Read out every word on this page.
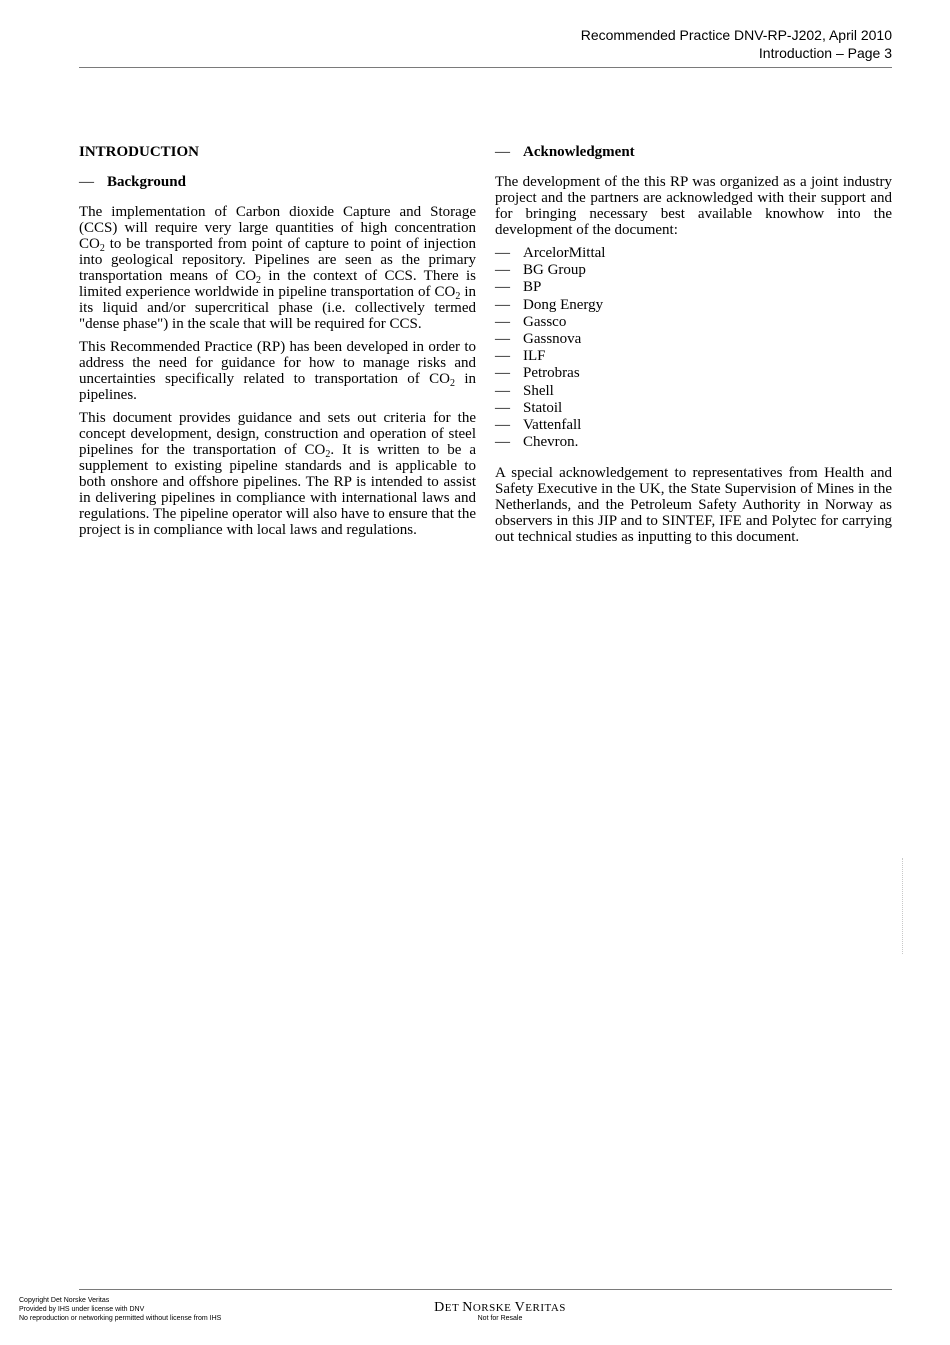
Recommended Practice DNV-RP-J202, April 2010
Introduction – Page 3
INTRODUCTION
— Background

The implementation of Carbon dioxide Capture and Storage (CCS) will require very large quantities of high concentration $CO_2$ to be transported from point of capture to point of injection into geological repository. Pipelines are seen as the primary transportation means of $CO_2$ in the context of CCS. There is limited experience worldwide in pipeline transportation of $CO_2$ in its liquid and/or supercritical phase (i.e. collectively termed "dense phase") in the scale that will be required for CCS.

This Recommended Practice (RP) has been developed in order to address the need for guidance for how to manage risks and uncertainties specifically related to transportation of $CO_2$ in pipelines.

This document provides guidance and sets out criteria for the concept development, design, construction and operation of steel pipelines for the transportation of $CO_2$. It is written to be a supplement to existing pipeline standards and is applicable to both onshore and offshore pipelines. The RP is intended to assist in delivering pipelines in compliance with international laws and regulations. The pipeline operator will also have to ensure that the project is in compliance with local laws and regulations.

— Acknowledgment

The development of the this RP was organized as a joint industry project and the partners are acknowledged with their support and for bringing necessary best available knowhow into the development of the document:

— ArcelorMittal
— BG Group
— BP
— Dong Energy
— Gassco
— Gassnova
— ILF
— Petrobras
— Shell
— Statoil
— Vattenfall
— Chevron.

A special acknowledgement to representatives from Health and Safety Executive in the UK, the State Supervision of Mines in the Netherlands, and the Petroleum Safety Authority in Norway as observers in this JIP and to SINTEF, IFE and Polytec for carrying out technical studies as inputting to this document.

Copyright Det Norske Veritas
Provided by IHS under license with DNV
No reproduction or networking permitted without license from IHS
DET NORSKE VERITAS
Not for Resale
